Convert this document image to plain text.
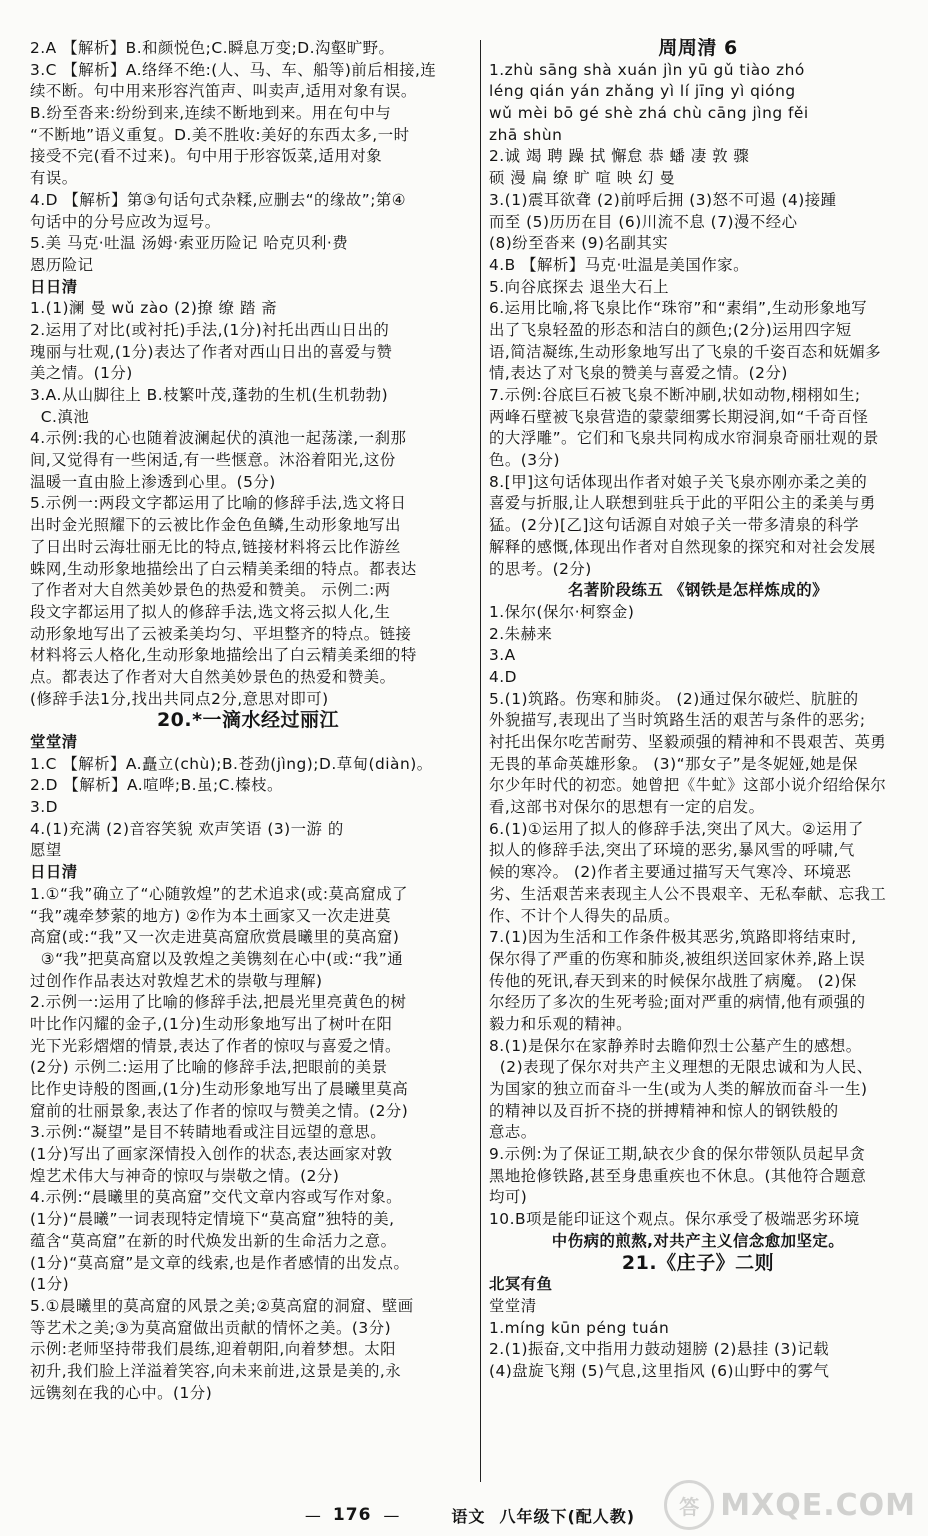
2.A 【解析】B.和颜悦色;C.瞬息万变;D.沟壑旷野。
3.C 【解析】A.络绎不绝:(人、马、车、船等)前后相接,连
续不断。句中用来形容汽笛声、叫卖声,适用对象有误。
B.纷至沓来:纷纷到来,连续不断地到来。用在句中与
“不断地”语义重复。D.美不胜收:美好的东西太多,一时
接受不完(看不过来)。句中用于形容饭菜,适用对象
有误。
4.D 【解析】第③句话句式杂糅,应删去“的缘故”;第④
句话中的分号应改为逗号。
5.美 马克·吐温 汤姆·索亚历险记 哈克贝利·费
恩历险记
日日清
1.(1)澜 曼 wǔ zào (2)撩 缭 踏 斋
2.运用了对比(或衬托)手法,(1分)衬托出西山日出的
瑰丽与壮观,(1分)表达了作者对西山日出的喜爱与赞
美之情。(1分)
3.A.从山脚往上 B.枝繁叶茂,蓬勃的生机(生机勃勃)
C.滇池
4.示例:我的心也随着波澜起伏的滇池一起荡漾,一刹那
间,又觉得有一些闲适,有一些惬意。沐浴着阳光,这份
温暖一直由脸上渗透到心里。(5分)
5.示例一:两段文字都运用了比喻的修辞手法,选文将日
出时金光照耀下的云被比作金色鱼鳞,生动形象地写出
了日出时云海壮丽无比的特点,链接材料将云比作游丝
蛛网,生动形象地描绘出了白云精美柔细的特点。都表达
了作者对大自然美妙景色的热爱和赞美。 示例二:两
段文字都运用了拟人的修辞手法,选文将云拟人化,生
动形象地写出了云被柔美均匀、平坦整齐的特点。链接
材料将云人格化,生动形象地描绘出了白云精美柔细的特
点。都表达了作者对大自然美妙景色的热爱和赞美。
(修辞手法1分,找出共同点2分,意思对即可)
20.*一滴水经过丽江
堂堂清
1.C 【解析】A.矗立(chù);B.苍劲(jìng);D.草甸(diàn)。
2.D 【解析】A.喧哗;B.虽;C.榛枝。
3.D
4.(1)充满 (2)音容笑貌 欢声笑语 (3)一游 的
愿望
日日清
1.①“我”确立了“心随敦煌”的艺术追求(或:莫高窟成了
“我”魂牵梦萦的地方) ②作为本土画家又一次走进莫
高窟(或:“我”又一次走进莫高窟欣赏晨曦里的莫高窟)
③“我”把莫高窟以及敦煌之美镌刻在心中(或:“我”通
过创作作品表达对敦煌艺术的崇敬与理解)
2.示例一:运用了比喻的修辞手法,把晨光里亮黄色的树
叶比作闪耀的金子,(1分)生动形象地写出了树叶在阳
光下光彩熠熠的情景,表达了作者的惊叹与喜爱之情。
(2分) 示例二:运用了比喻的修辞手法,把眼前的美景
比作史诗般的图画,(1分)生动形象地写出了晨曦里莫高
窟前的壮丽景象,表达了作者的惊叹与赞美之情。(2分)
3.示例:“凝望”是目不转睛地看或注目远望的意思。
(1分)写出了画家深情投入创作的状态,表达画家对敦
煌艺术伟大与神奇的惊叹与崇敬之情。(2分)
4.示例:“晨曦里的莫高窟”交代文章内容或写作对象。
(1分)“晨曦”一词表现特定情境下“莫高窟”独特的美,
蕴含“莫高窟”在新的时代焕发出新的生命活力之意。
(1分)“莫高窟”是文章的线索,也是作者感情的出发点。
(1分)
5.①晨曦里的莫高窟的风景之美;②莫高窟的洞窟、壁画
等艺术之美;③为莫高窟做出贡献的情怀之美。(3分)
示例:老师坚持带我们晨练,迎着朝阳,向着梦想。太阳
初升,我们脸上洋溢着笑容,向未来前进,这景是美的,永
远镌刻在我的心中。(1分)
周周清 6
1.zhù sāng shà xuán jìn yū gǔ tiào zhó
léng qián yán zhǎng yì lí jīng yì qióng
wǔ mèi bō gé shè zhá chù cāng jìng fěi
zhā shùn
2.诚 竭 聘 躁 拭 懈怠 恭 蟠 凄 敦 骤
硕 漫 扁 缭 旷 喧 映 幻 曼
3.(1)震耳欲聋 (2)前呼后拥 (3)怒不可遏 (4)接踵
而至 (5)历历在目 (6)川流不息 (7)漫不经心
(8)纷至沓来 (9)名副其实
4.B 【解析】马克·吐温是美国作家。
5.向谷底探去 退坐大石上
6.运用比喻,将飞泉比作“珠帘”和“素绢”,生动形象地写
出了飞泉轻盈的形态和洁白的颜色;(2分)运用四字短
语,简洁凝练,生动形象地写出了飞泉的千姿百态和妩媚多
情,表达了对飞泉的赞美与喜爱之情。(2分)
7.示例:谷底巨石被飞泉不断冲刷,状如动物,栩栩如生;
两峰石壁被飞泉营造的蒙蒙细雾长期浸润,如“千奇百怪
的大浮雕”。它们和飞泉共同构成水帘洞泉奇丽壮观的景
色。(3分)
8.[甲]这句话体现出作者对娘子关飞泉亦刚亦柔之美的
喜爱与折服,让人联想到驻兵于此的平阳公主的柔美与勇
猛。(2分)[乙]这句话源自对娘子关一带多清泉的科学
解释的感慨,体现出作者对自然现象的探究和对社会发展
的思考。(2分)
名著阶段练五 《钢铁是怎样炼成的》
1.保尔(保尔·柯察金)
2.朱赫来
3.A
4.D
5.(1)筑路。伤寒和肺炎。 (2)通过保尔破烂、肮脏的
外貌描写,表现出了当时筑路生活的艰苦与条件的恶劣;
衬托出保尔吃苦耐劳、坚毅顽强的精神和不畏艰苦、英勇
无畏的革命英雄形象。 (3)“那女子”是冬妮娅,她是保
尔少年时代的初恋。她曾把《牛虻》这部小说介绍给保尔
看,这部书对保尔的思想有一定的启发。
6.(1)①运用了拟人的修辞手法,突出了风大。②运用了
拟人的修辞手法,突出了环境的恶劣,暴风雪的呼啸,气
候的寒冷。 (2)作者主要通过描写天气寒冷、环境恶
劣、生活艰苦来表现主人公不畏艰辛、无私奉献、忘我工
作、不计个人得失的品质。
7.(1)因为生活和工作条件极其恶劣,筑路即将结束时,
保尔得了严重的伤寒和肺炎,被组织送回家休养,路上误
传他的死讯,春天到来的时候保尔战胜了病魔。 (2)保
尔经历了多次的生死考验;面对严重的病情,他有顽强的
毅力和乐观的精神。
8.(1)是保尔在家静养时去瞻仰烈士公墓产生的感想。
(2)表现了保尔对共产主义理想的无限忠诚和为人民、
为国家的独立而奋斗一生(或为人类的解放而奋斗一生)
的精神以及百折不挠的拼搏精神和惊人的钢铁般的
意志。
9.示例:为了保证工期,缺衣少食的保尔带领队员起早贪
黑地抢修铁路,甚至身患重疾也不休息。(其他符合题意
均可)
10.B项是能印证这个观点。保尔承受了极端恶劣环境
中伤病的煎熬,对共产主义信念愈加坚定。
21.《庄子》二则
北冥有鱼
堂堂清
1.míng kūn péng tuán
2.(1)振奋,文中指用力鼓动翅膀 (2)悬挂 (3)记载
(4)盘旋飞翔 (5)气息,这里指风 (6)山野中的雾气
— 176 —	语文 八年级下(配人教)	答 MXQE.COM
